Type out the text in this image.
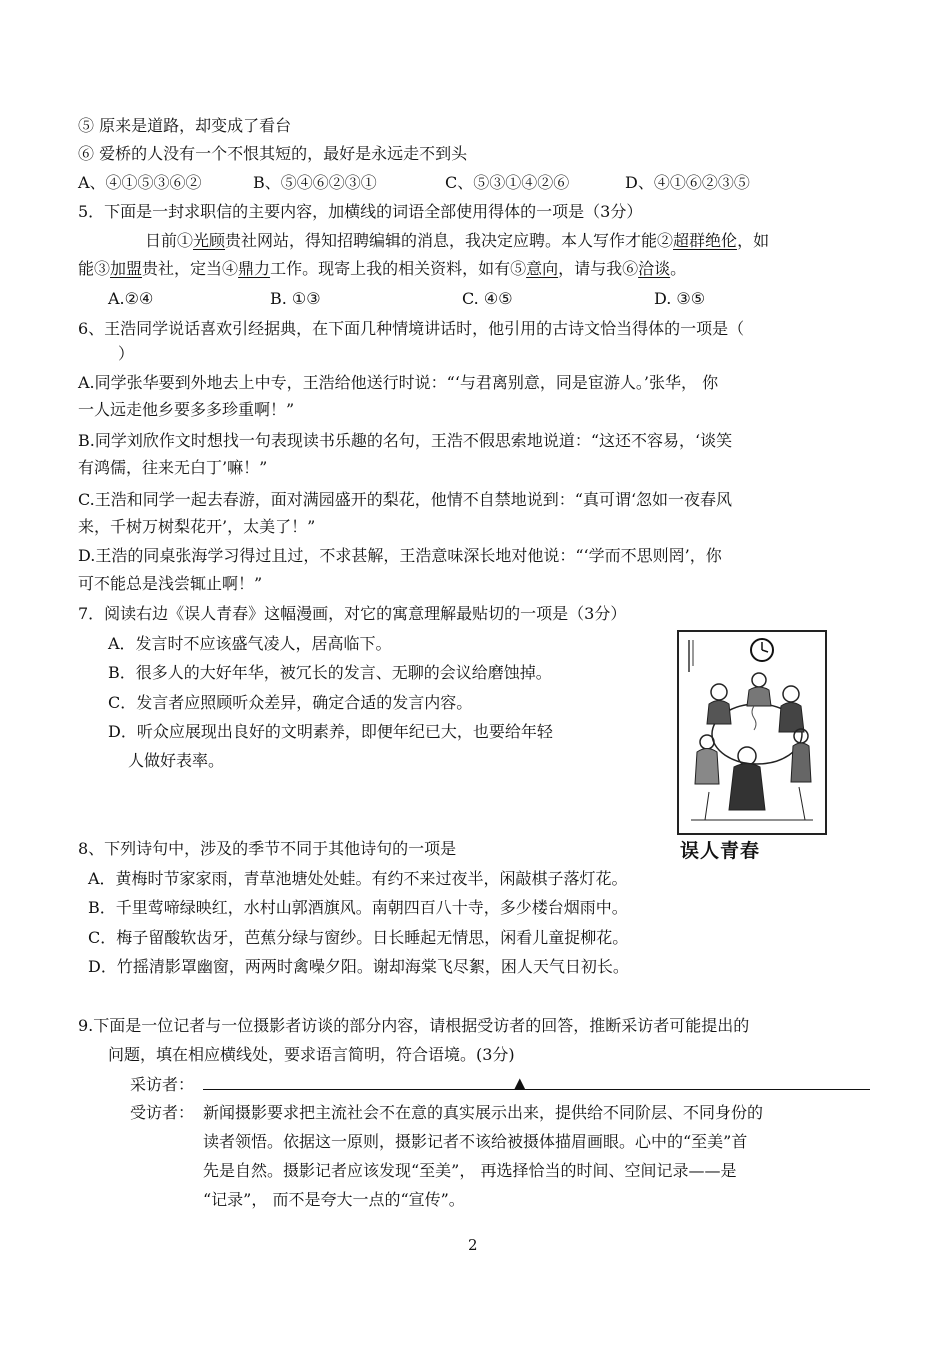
⑤ 原来是道路，却变成了看台
⑥ 爱桥的人没有一个不恨其短的，最好是永远走不到头
A、④①⑤③⑥②	B、⑤④⑥②③①	C、⑤③①④②⑥	D、④①⑥②③⑤
5．下面是一封求职信的主要内容，加横线的词语全部使用得体的一项是（3分）
日前①光顾贵社网站，得知招聘编辑的消息，我决定应聘。本人写作才能②超群绝伦，如
能③加盟贵社，定当④鼎力工作。现寄上我的相关资料，如有⑤意向，请与我⑥洽谈。
A.②④	B. ①③	C. ④⑤	D. ③⑤
6、王浩同学说话喜欢引经据典，在下面几种情境讲话时，他引用的古诗文恰当得体的一项是（
）
A.同学张华要到外地去上中专，王浩给他送行时说：“‘与君离别意，同是宦游人。’张华， 你
一人远走他乡要多多珍重啊！”
B.同学刘欣作文时想找一句表现读书乐趣的名句，王浩不假思索地说道：“这还不容易，‘谈笑
有鸿儒，往来无白丁’嘛！”
C.王浩和同学一起去春游，面对满园盛开的梨花，他情不自禁地说到：“真可谓‘忽如一夜春风
来，千树万树梨花开’，太美了！”
D.王浩的同桌张海学习得过且过，不求甚解，王浩意味深长地对他说：“‘学而不思则罔’，你
可不能总是浅尝辄止啊！”
7．阅读右边《误人青春》这幅漫画，对它的寓意理解最贴切的一项是（3分）
A．发言时不应该盛气凌人，居高临下。
B．很多人的大好年华，被冗长的发言、无聊的会议给磨蚀掉。
C．发言者应照顾听众差异，确定合适的发言内容。
D．听众应展现出良好的文明素养，即便年纪已大，也要给年轻
人做好表率。
误人青春
8、下列诗句中，涉及的季节不同于其他诗句的一项是
A．黄梅时节家家雨，青草池塘处处蛙。有约不来过夜半，闲敲棋子落灯花。
B．千里莺啼绿映红，水村山郭酒旗风。南朝四百八十寺，多少楼台烟雨中。
C．梅子留酸软齿牙，芭蕉分绿与窗纱。日长睡起无情思，闲看儿童捉柳花。
D．竹摇清影罩幽窗，两两时禽噪夕阳。谢却海棠飞尽絮，困人天气日初长。
9.下面是一位记者与一位摄影者访谈的部分内容，请根据受访者的回答，推断采访者可能提出的
问题，填在相应横线处，要求语言简明，符合语境。(3分)
采访者：	▲
受访者： 新闻摄影要求把主流社会不在意的真实展示出来，提供给不同阶层、不同身份的
读者领悟。依据这一原则，摄影记者不该给被摄体描眉画眼。心中的“至美”首
先是自然。摄影记者应该发现“至美”， 再选择恰当的时间、空间记录——是
“记录”， 而不是夸大一点的“宣传”。
2
